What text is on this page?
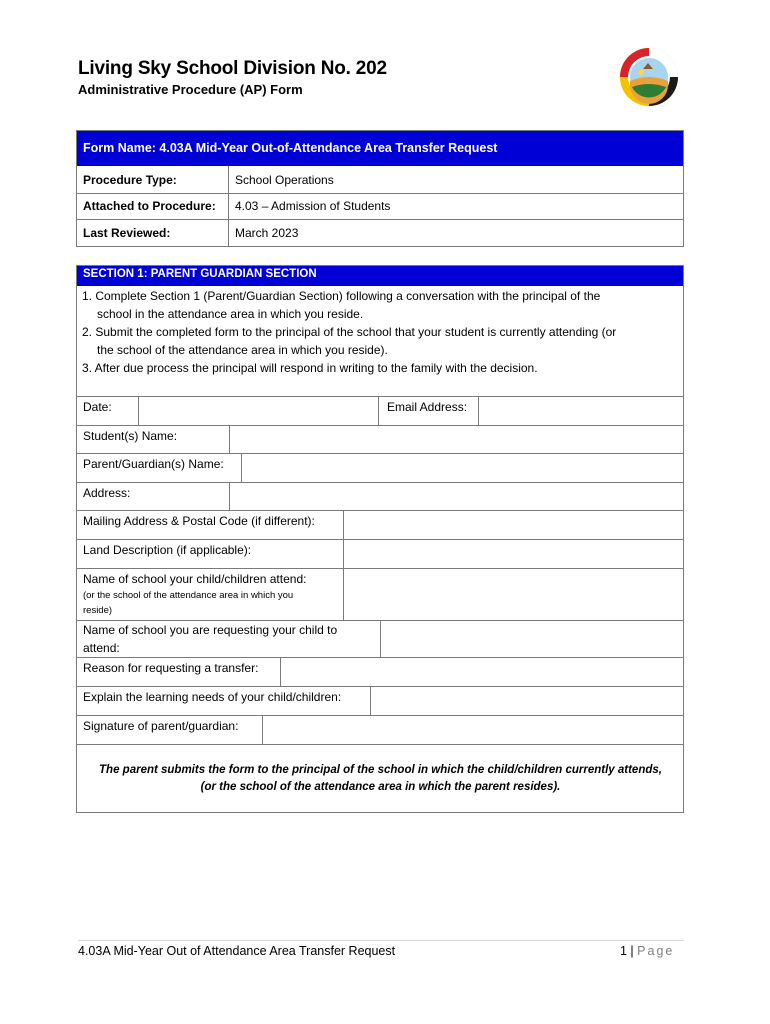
Living Sky School Division No. 202
Administrative Procedure (AP) Form
Form Name: 4.03A Mid-Year Out-of-Attendance Area Transfer Request
Procedure Type:	School Operations
Attached to Procedure: 4.03 – Admission of Students
Last Reviewed:	March 2023
SECTION 1: PARENT GUARDIAN SECTION
1. Complete Section 1 (Parent/Guardian Section) following a conversation with the principal of the
school in the attendance area in which you reside.
2. Submit the completed form to the principal of the school that your student is currently attending (or
the school of the attendance area in which you reside).
3. After due process the principal will respond in writing to the family with the decision.
Date:	Email Address:
Student(s) Name:
Parent/Guardian(s) Name:
Address:
Mailing Address & Postal Code (if different):
Land Description (if applicable):
Name of school your child/children attend:
(or the school of the attendance area in which you
reside)
Name of school you are requesting your child to
attend:
Reason for requesting a transfer:
Explain the learning needs of your child/children:
Signature of parent/guardian:
The parent submits the form to the principal of the school in which the child/children currently attends,
(or the school of the attendance area in which the parent resides).
4.03A Mid-Year Out of Attendance Area Transfer Request	1 | Page
